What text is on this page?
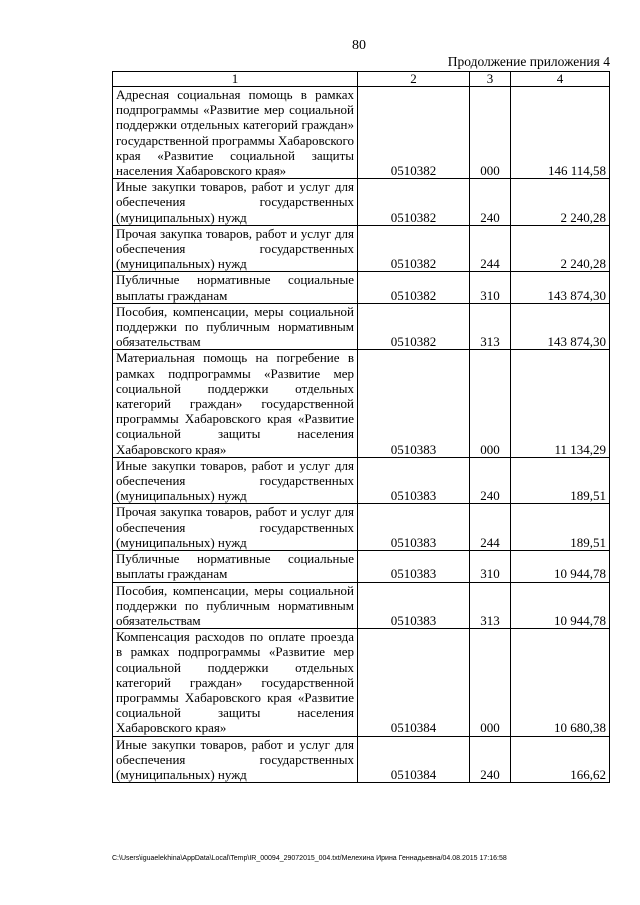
80
Продолжение приложения 4
1	2	3	4
Адресная социальная помощь в рамках подпрограммы «Развитие мер социальной поддержки отдельных категорий граждан» государственной программы Хабаровского края «Развитие социальной защиты населения Хабаровского края»	0510382	000	146 114,58
Иные закупки товаров, работ и услуг для обеспечения государственных (муниципальных) нужд	0510382	240	2 240,28
Прочая закупка товаров, работ и услуг для обеспечения государственных (муниципальных) нужд	0510382	244	2 240,28
Публичные нормативные социальные выплаты гражданам	0510382	310	143 874,30
Пособия, компенсации, меры социальной поддержки по публичным нормативным обязательствам	0510382	313	143 874,30
Материальная помощь на погребение в рамках подпрограммы «Развитие мер социальной поддержки отдельных категорий граждан» государственной программы Хабаровского края «Развитие социальной защиты населения Хабаровского края»	0510383	000	11 134,29
Иные закупки товаров, работ и услуг для обеспечения государственных (муниципальных) нужд	0510383	240	189,51
Прочая закупка товаров, работ и услуг для обеспечения государственных (муниципальных) нужд	0510383	244	189,51
Публичные нормативные социальные выплаты гражданам	0510383	310	10 944,78
Пособия, компенсации, меры социальной поддержки по публичным нормативным обязательствам	0510383	313	10 944,78
Компенсация расходов по оплате проезда в рамках подпрограммы «Развитие мер социальной поддержки отдельных категорий граждан» государственной программы Хабаровского края «Развитие социальной защиты населения Хабаровского края»	0510384	000	10 680,38
Иные закупки товаров, работ и услуг для обеспечения государственных (муниципальных) нужд	0510384	240	166,62
C:\Users\iguaelekhina\AppData\Local\Temp\IR_00094_29072015_004.txt/Мелехина Ирина Геннадьевна/04.08.2015 17:16:58
